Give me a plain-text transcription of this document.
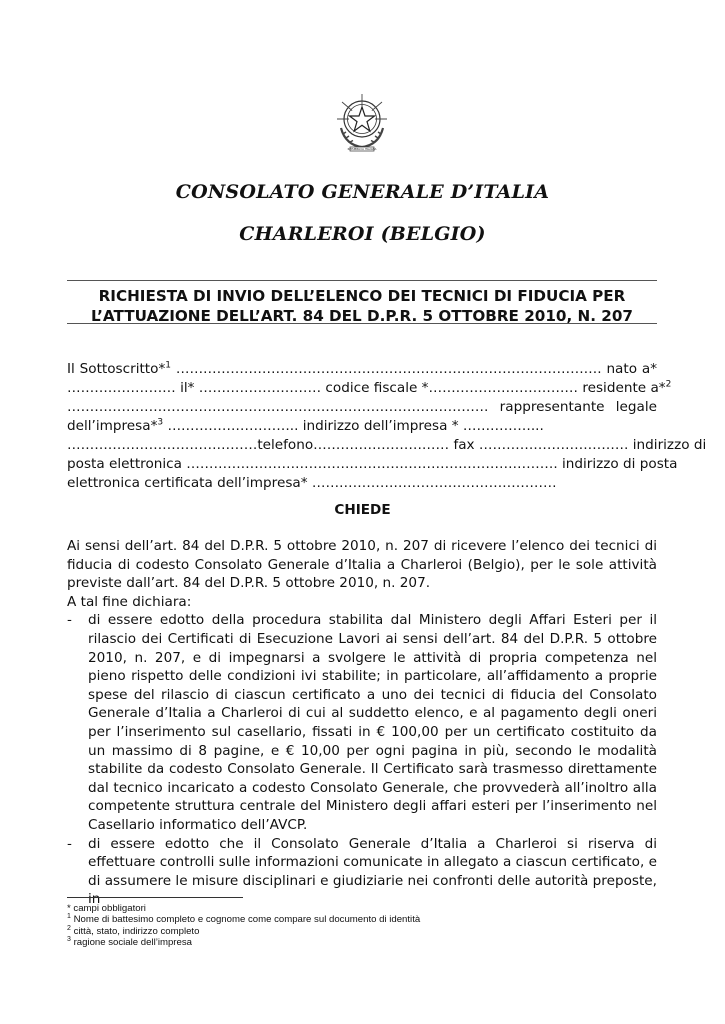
REPUBBLICA ITALIANA
CONSOLATO GENERALE D’ITALIA
CHARLEROI (BELGIO)
RICHIESTA DI INVIO DELL’ELENCO DEI TECNICI DI FIDUCIA PER
L’ATTUAZIONE DELL’ART. 84 DEL D.P.R. 5 OTTOBRE 2010, N. 207
Il Sottoscritto*$^1$ …………………………………………………………………………………. nato a*
…………………… il* ……………………… codice fiscale *…………………………… residente a*$^2$
………………………………………………………………………………… rappresentante legale
dell’impresa*$^3$ ……………………….. indirizzo dell’impresa * ……………...
……………………………………telefono………………………… fax …………………………… indirizzo di
posta elettronica ………………………………………………………………………. indirizzo di posta
elettronica certificata dell’impresa* ………………………………………………
CHIEDE
Ai sensi dell’art. 84 del D.P.R. 5 ottobre 2010, n. 207 di ricevere l’elenco dei tecnici di fiducia di codesto Consolato Generale d’Italia a Charleroi (Belgio), per le sole attività previste dall’art. 84 del D.P.R. 5 ottobre 2010, n. 207.
A tal fine dichiara:
-	di essere edotto della procedura stabilita dal Ministero degli Affari Esteri per il rilascio dei Certificati di Esecuzione Lavori ai sensi dell’art. 84 del D.P.R. 5 ottobre 2010, n. 207, e di impegnarsi a svolgere le attività di propria competenza nel pieno rispetto delle condizioni ivi stabilite; in particolare, all’affidamento a proprie spese del rilascio di ciascun certificato a uno dei tecnici di fiducia del Consolato Generale d’Italia a Charleroi di cui al suddetto elenco, e al pagamento degli oneri per l’inserimento sul casellario, fissati in € 100,00 per un certificato costituito da un massimo di 8 pagine, e € 10,00 per ogni pagina in più, secondo le modalità stabilite da codesto Consolato Generale. Il Certificato sarà trasmesso direttamente dal tecnico incaricato a codesto Consolato Generale, che provvederà all’inoltro alla competente struttura centrale del Ministero degli affari esteri per l’inserimento nel Casellario informatico dell’AVCP.
-	di essere edotto che il Consolato Generale d’Italia a Charleroi si riserva di effettuare controlli sulle informazioni comunicate in allegato a ciascun certificato, e di assumere le misure disciplinari e giudiziarie nei confronti delle autorità preposte, in
* campi obbligatori
$^1$ Nome di battesimo completo e cognome come compare sul documento di identità
$^2$ città, stato, indirizzo completo
$^3$ ragione sociale dell’impresa
